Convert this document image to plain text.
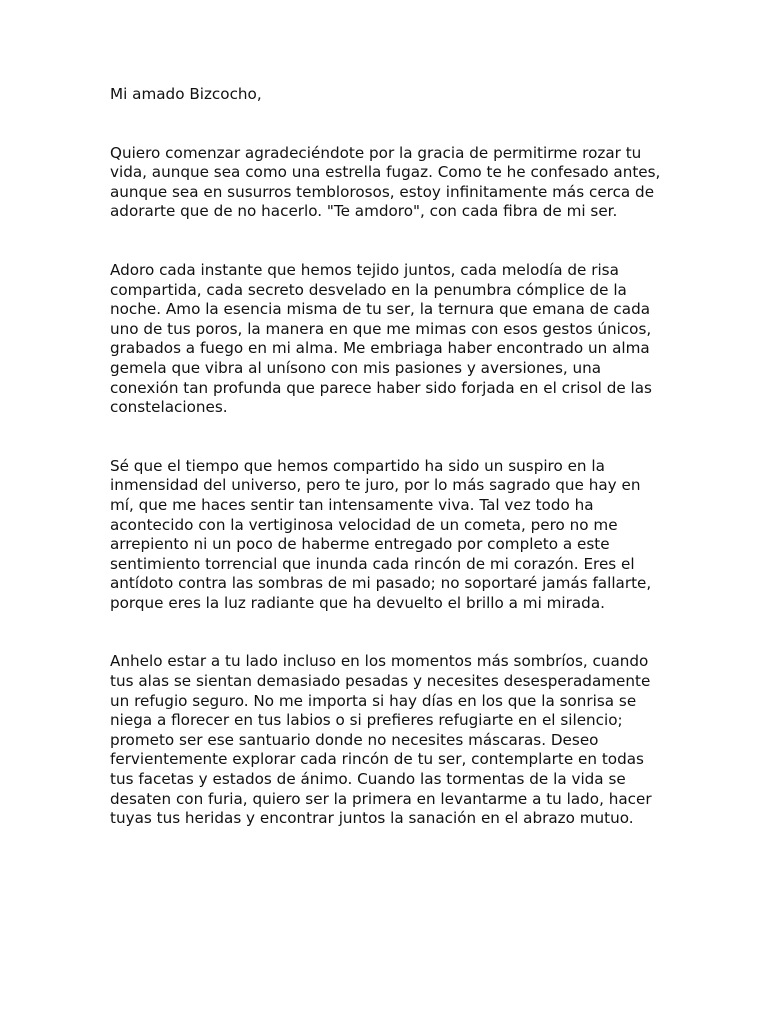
Mi amado Bizcocho,

Quiero comenzar agradeciéndote por la gracia de permitirme rozar tu vida, aunque sea como una estrella fugaz. Como te he confesado antes, aunque sea en susurros temblorosos, estoy infinitamente más cerca de adorarte que de no hacerlo. "Te amdoro", con cada fibra de mi ser.

Adoro cada instante que hemos tejido juntos, cada melodía de risa compartida, cada secreto desvelado en la penumbra cómplice de la noche. Amo la esencia misma de tu ser, la ternura que emana de cada uno de tus poros, la manera en que me mimas con esos gestos únicos, grabados a fuego en mi alma. Me embriaga haber encontrado un alma gemela que vibra al unísono con mis pasiones y aversiones, una conexión tan profunda que parece haber sido forjada en el crisol de las constelaciones.

Sé que el tiempo que hemos compartido ha sido un suspiro en la inmensidad del universo, pero te juro, por lo más sagrado que hay en mí, que me haces sentir tan intensamente viva. Tal vez todo ha acontecido con la vertiginosa velocidad de un cometa, pero no me arrepiento ni un poco de haberme entregado por completo a este sentimiento torrencial que inunda cada rincón de mi corazón. Eres el antídoto contra las sombras de mi pasado; no soportaré jamás fallarte, porque eres la luz radiante que ha devuelto el brillo a mi mirada.

Anhelo estar a tu lado incluso en los momentos más sombríos, cuando tus alas se sientan demasiado pesadas y necesites desesperadamente un refugio seguro. No me importa si hay días en los que la sonrisa se niega a florecer en tus labios o si prefieres refugiarte en el silencio; prometo ser ese santuario donde no necesites máscaras. Deseo fervientemente explorar cada rincón de tu ser, contemplarte en todas tus facetas y estados de ánimo. Cuando las tormentas de la vida se desaten con furia, quiero ser la primera en levantarme a tu lado, hacer tuyas tus heridas y encontrar juntos la sanación en el abrazo mutuo.
